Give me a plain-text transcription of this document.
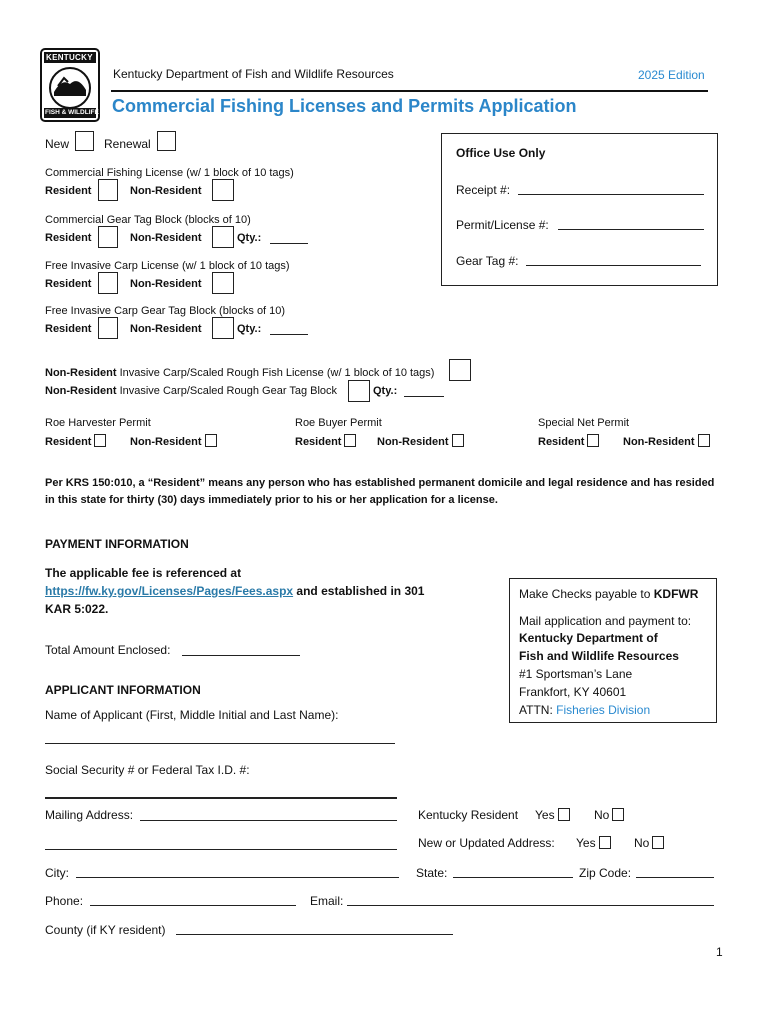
KENTUCKY
FISH & WILDLIFE
Kentucky Department of Fish and Wildlife Resources	2025 Edition
Commercial Fishing Licenses and Permits Application
New	Renewal
Office Use Only
Receipt #:
Permit/License #:
Gear Tag #:
Commercial Fishing License (w/ 1 block of 10 tags)
Resident	Non-Resident
Commercial Gear Tag Block (blocks of 10)
Resident	Non-Resident	Qty.:
Free Invasive Carp License (w/ 1 block of 10 tags)
Resident	Non-Resident
Free Invasive Carp Gear Tag Block (blocks of 10)
Resident	Non-Resident	Qty.:
Non-Resident Invasive Carp/Scaled Rough Fish License (w/ 1 block of 10 tags)
Non-Resident Invasive Carp/Scaled Rough Gear Tag Block	Qty.:
Roe Harvester Permit
Resident	Non-Resident
Roe Buyer Permit
Resident	Non-Resident
Special Net Permit
Resident	Non-Resident
Per KRS 150:010, a “Resident” means any person who has established permanent domicile and legal residence and has resided in this state for thirty (30) days immediately prior to his or her application for a license.
PAYMENT INFORMATION
The applicable fee is referenced at
https://fw.ky.gov/Licenses/Pages/Fees.aspx and established in 301
KAR 5:022.
Total Amount Enclosed:
Make Checks payable to KDFWR
Mail application and payment to:
Kentucky Department of
Fish and Wildlife Resources
#1 Sportsman’s Lane
Frankfort, KY 40601
ATTN: Fisheries Division
APPLICANT INFORMATION
Name of Applicant (First, Middle Initial and Last Name):
Social Security # or Federal Tax I.D. #:
Mailing Address:	Kentucky Resident Yes	No
New or Updated Address: Yes	No
City:	State:	Zip Code:
Phone:	Email:
County (if KY resident)
1
